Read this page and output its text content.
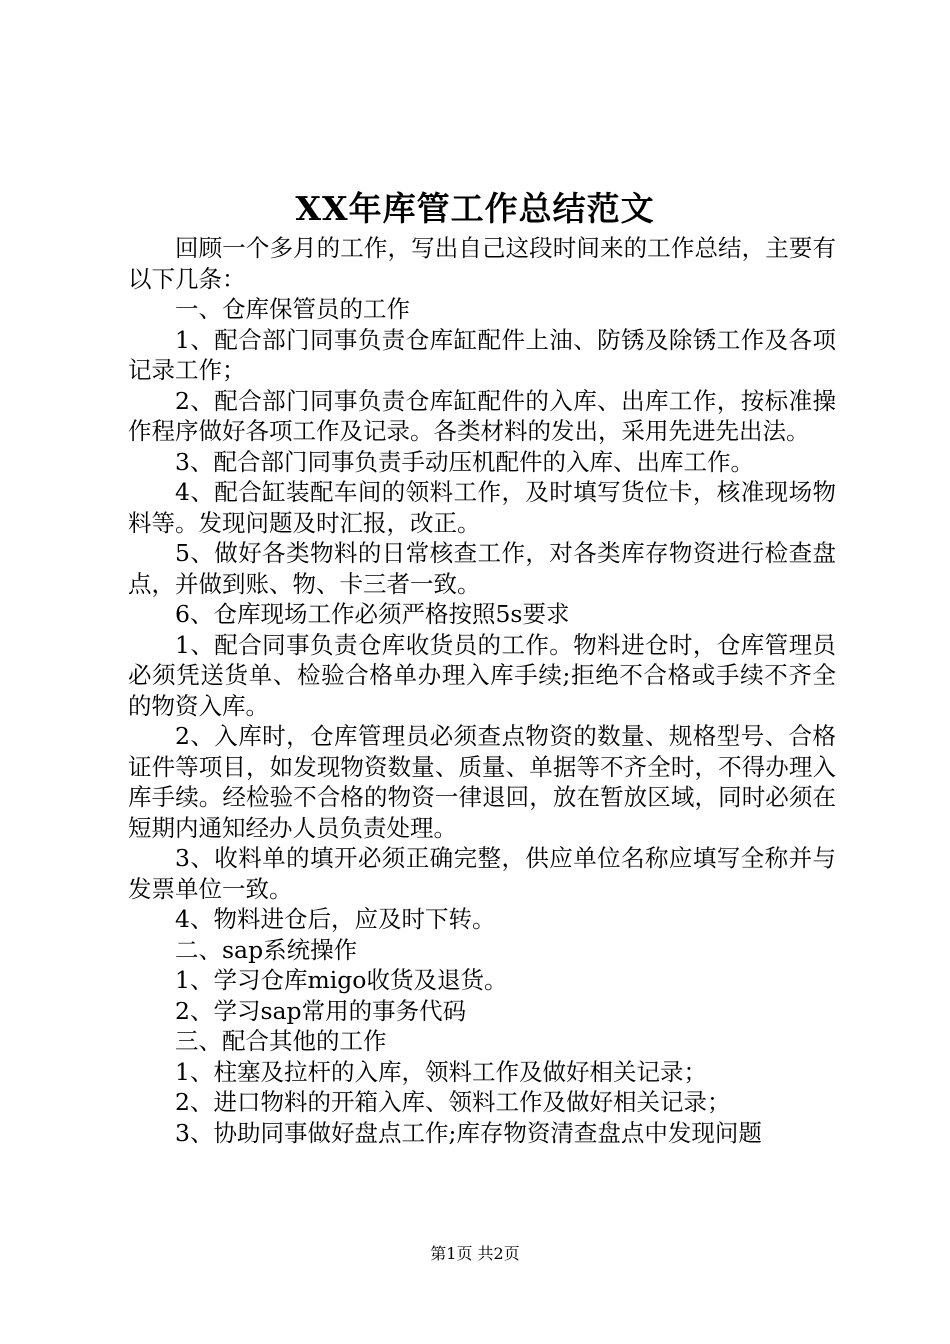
XX年库管工作总结范文

回顾一个多月的工作，写出自己这段时间来的工作总结，主要有以下几条：

一、仓库保管员的工作

1、配合部门同事负责仓库缸配件上油、防锈及除锈工作及各项记录工作；

2、配合部门同事负责仓库缸配件的入库、出库工作，按标准操作程序做好各项工作及记录。各类材料的发出，采用先进先出法。

3、配合部门同事负责手动压机配件的入库、出库工作。

4、配合缸装配车间的领料工作，及时填写货位卡，核准现场物料等。发现问题及时汇报，改正。

5、做好各类物料的日常核查工作，对各类库存物资进行检查盘点，并做到账、物、卡三者一致。

6、仓库现场工作必须严格按照5s要求

1、配合同事负责仓库收货员的工作。物料进仓时，仓库管理员必须凭送货单、检验合格单办理入库手续;拒绝不合格或手续不齐全的物资入库。

2、入库时，仓库管理员必须查点物资的数量、规格型号、合格证件等项目，如发现物资数量、质量、单据等不齐全时，不得办理入库手续。经检验不合格的物资一律退回，放在暂放区域，同时必须在短期内通知经办人员负责处理。

3、收料单的填开必须正确完整，供应单位名称应填写全称并与发票单位一致。

4、物料进仓后，应及时下转。

二、sap系统操作

1、学习仓库migo收货及退货。

2、学习sap常用的事务代码

三、配合其他的工作

1、柱塞及拉杆的入库，领料工作及做好相关记录；

2、进口物料的开箱入库、领料工作及做好相关记录；

3、协助同事做好盘点工作;库存物资清查盘点中发现问题

第1页 共2页
